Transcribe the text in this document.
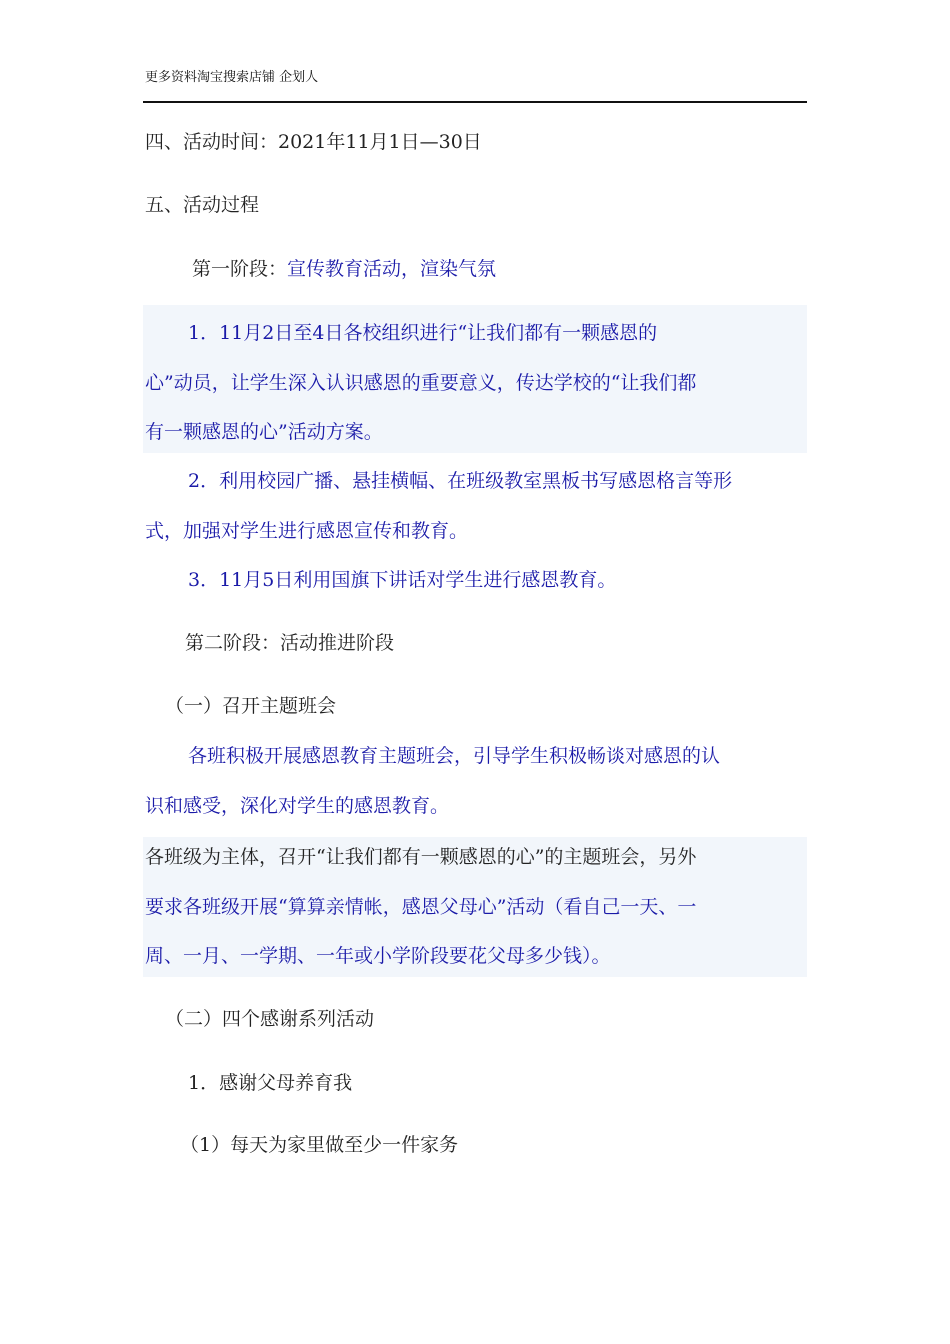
更多资料淘宝搜索店铺 企划人
四、活动时间：2021年11月1日—30日
五、活动过程
第一阶段：宣传教育活动，渲染气氛
1．11月2日至4日各校组织进行“让我们都有一颗感恩的
心”动员，让学生深入认识感恩的重要意义，传达学校的“让我们都
有一颗感恩的心”活动方案。
2．利用校园广播、悬挂横幅、在班级教室黑板书写感恩格言等形
式，加强对学生进行感恩宣传和教育。
3．11月5日利用国旗下讲话对学生进行感恩教育。
第二阶段：活动推进阶段
（一）召开主题班会
各班积极开展感恩教育主题班会，引导学生积极畅谈对感恩的认
识和感受，深化对学生的感恩教育。
各班级为主体，召开“让我们都有一颗感恩的心”的主题班会，另外
要求各班级开展“算算亲情帐，感恩父母心”活动（看自己一天、一
周、一月、一学期、一年或小学阶段要花父母多少钱）。
（二）四个感谢系列活动
1．感谢父母养育我
（1）每天为家里做至少一件家务
